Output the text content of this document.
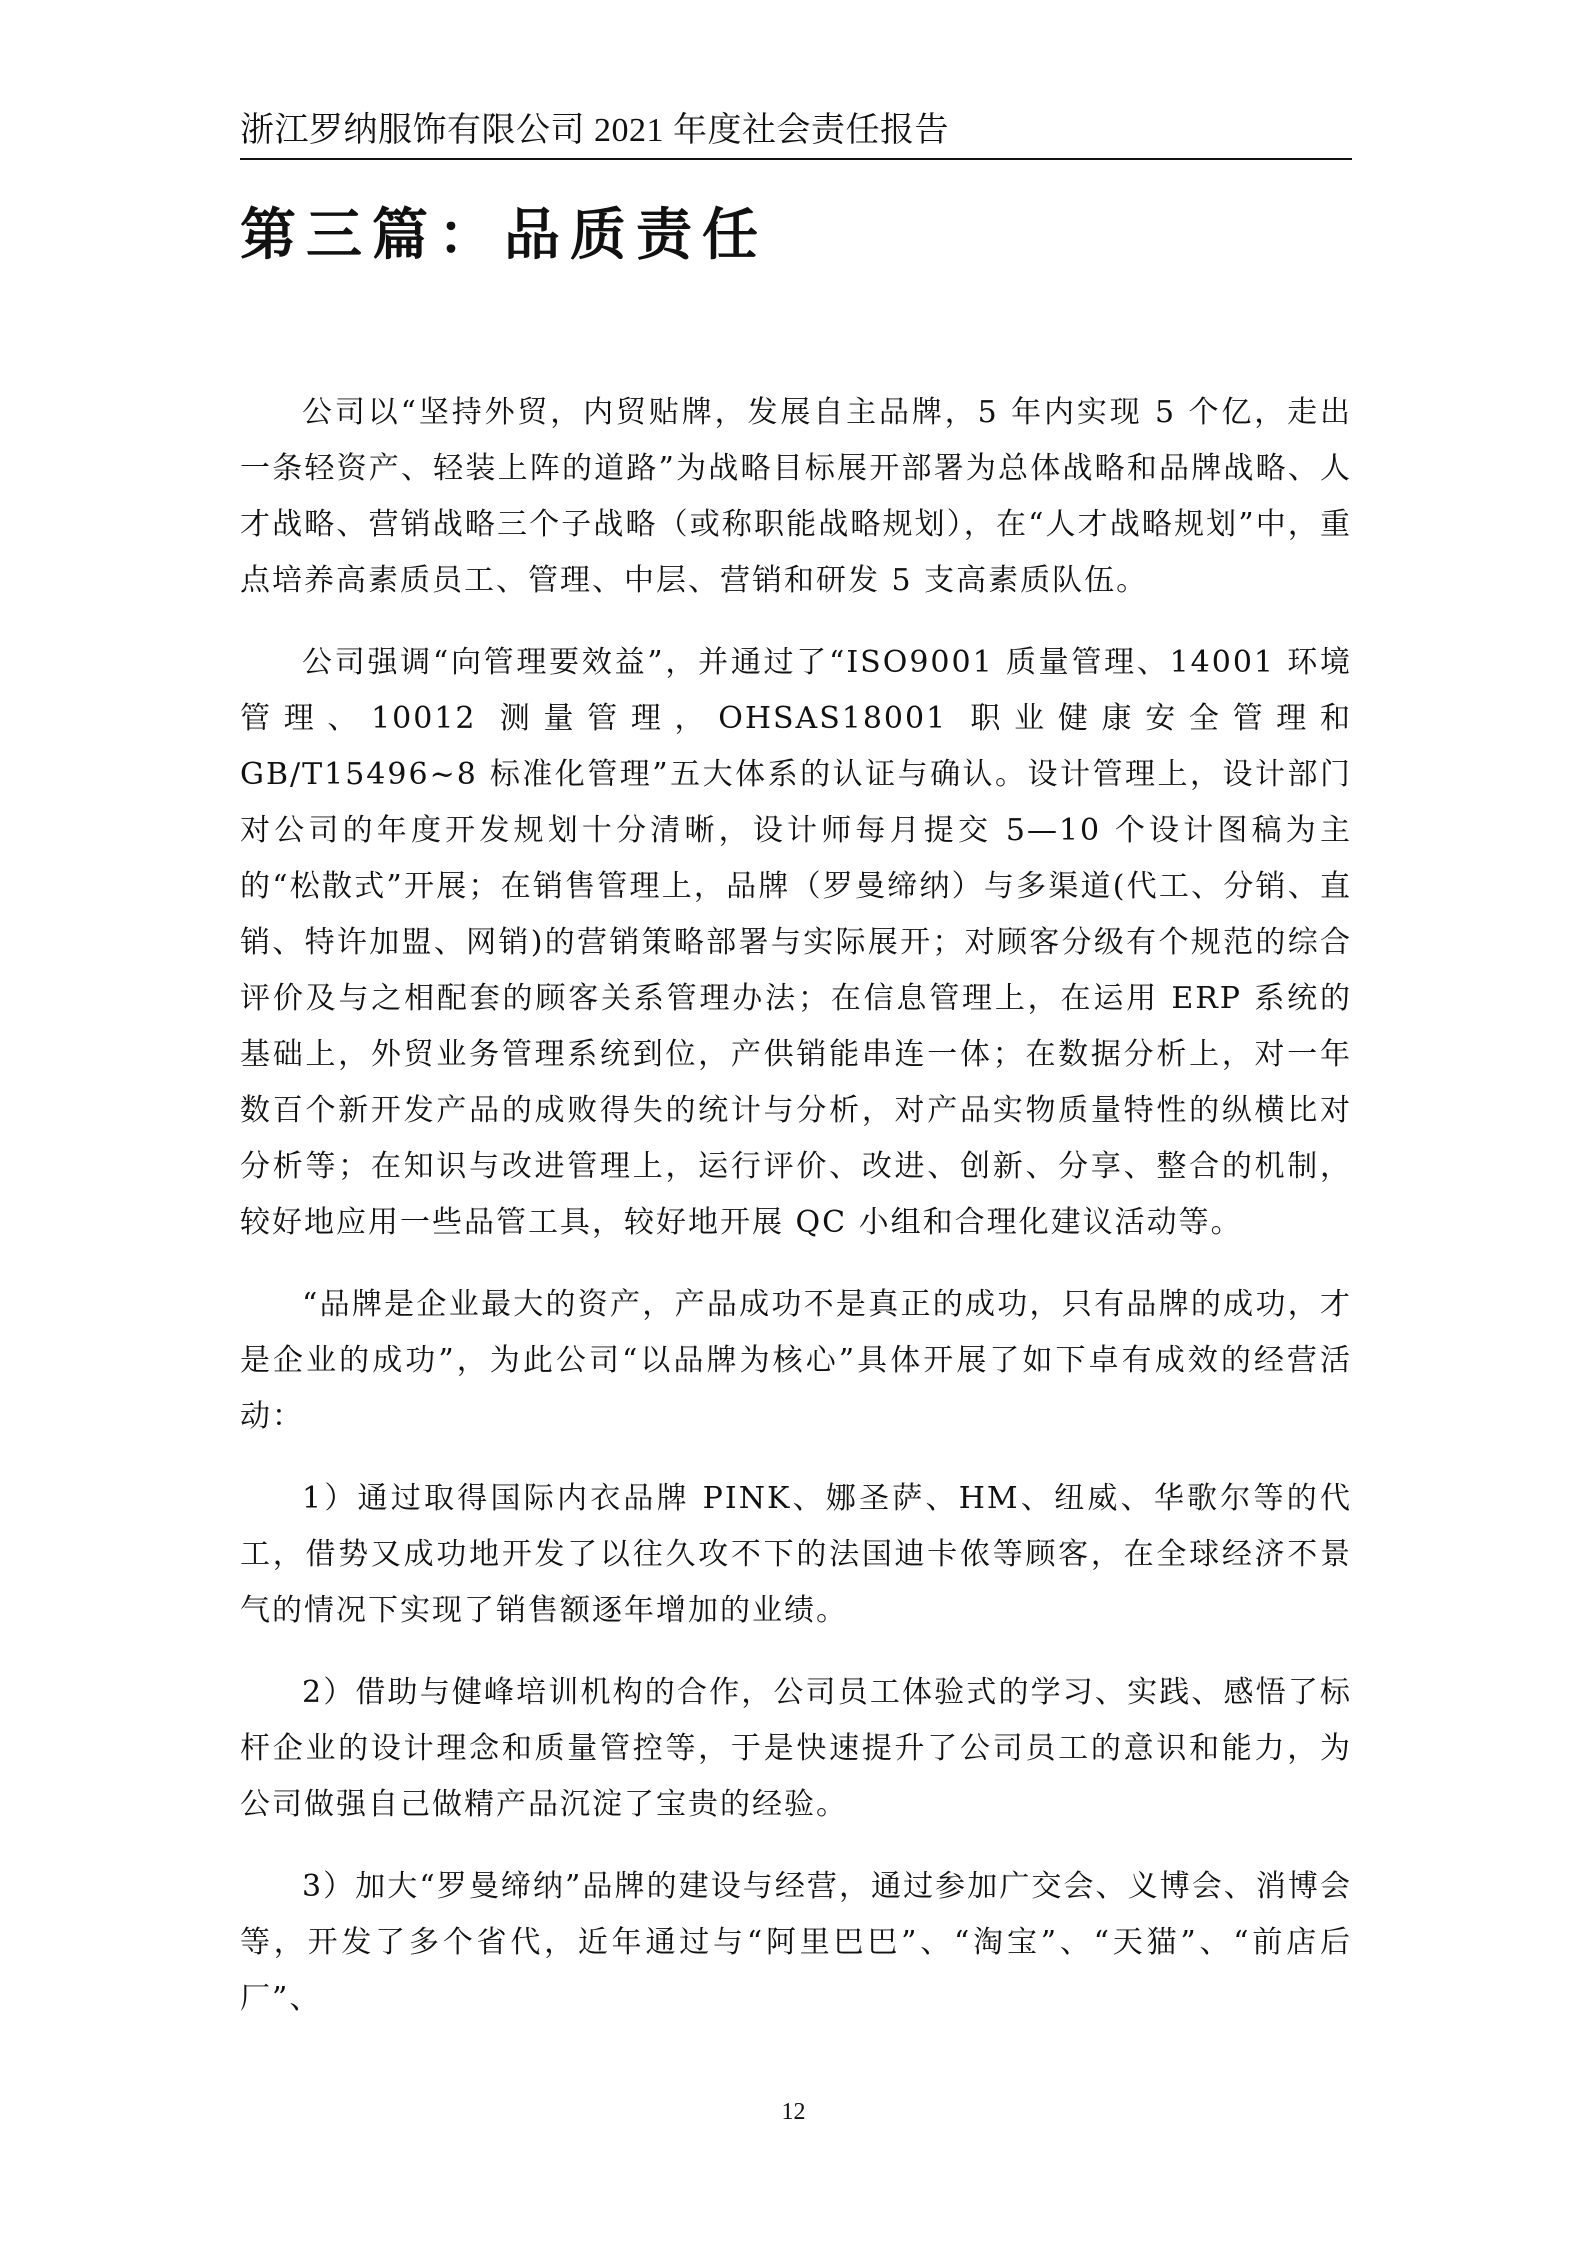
浙江罗纳服饰有限公司 2021 年度社会责任报告
第三篇：品质责任

公司以“坚持外贸，内贸贴牌，发展自主品牌，5 年内实现 5 个亿，走出一条轻资产、轻装上阵的道路”为战略目标展开部署为总体战略和品牌战略、人才战略、营销战略三个子战略（或称职能战略规划），在“人才战略规划”中，重点培养高素质员工、管理、中层、营销和研发 5 支高素质队伍。

公司强调“向管理要效益”，并通过了“ISO9001 质量管理、14001 环境管理、10012 测量管理，OHSAS18001 职业健康安全管理和 GB/T15496~8 标准化管理”五大体系的认证与确认。设计管理上，设计部门对公司的年度开发规划十分清晰，设计师每月提交 5—10 个设计图稿为主的“松散式”开展；在销售管理上，品牌（罗曼缔纳）与多渠道(代工、分销、直销、特许加盟、网销)的营销策略部署与实际展开；对顾客分级有个规范的综合评价及与之相配套的顾客关系管理办法；在信息管理上，在运用 ERP 系统的基础上，外贸业务管理系统到位，产供销能串连一体；在数据分析上，对一年数百个新开发产品的成败得失的统计与分析，对产品实物质量特性的纵横比对分析等；在知识与改进管理上，运行评价、改进、创新、分享、整合的机制，较好地应用一些品管工具，较好地开展 QC 小组和合理化建议活动等。

“品牌是企业最大的资产，产品成功不是真正的成功，只有品牌的成功，才是企业的成功”，为此公司“以品牌为核心”具体开展了如下卓有成效的经营活动：

1）通过取得国际内衣品牌 PINK、娜圣萨、HM、纽威、华歌尔等的代工，借势又成功地开发了以往久攻不下的法国迪卡侬等顾客，在全球经济不景气的情况下实现了销售额逐年增加的业绩。

2）借助与健峰培训机构的合作，公司员工体验式的学习、实践、感悟了标杆企业的设计理念和质量管控等，于是快速提升了公司员工的意识和能力，为公司做强自己做精产品沉淀了宝贵的经验。

3）加大“罗曼缔纳”品牌的建设与经营，通过参加广交会、义博会、消博会等，开发了多个省代，近年通过与“阿里巴巴”、“淘宝”、“天猫”、“前店后厂”、

12
